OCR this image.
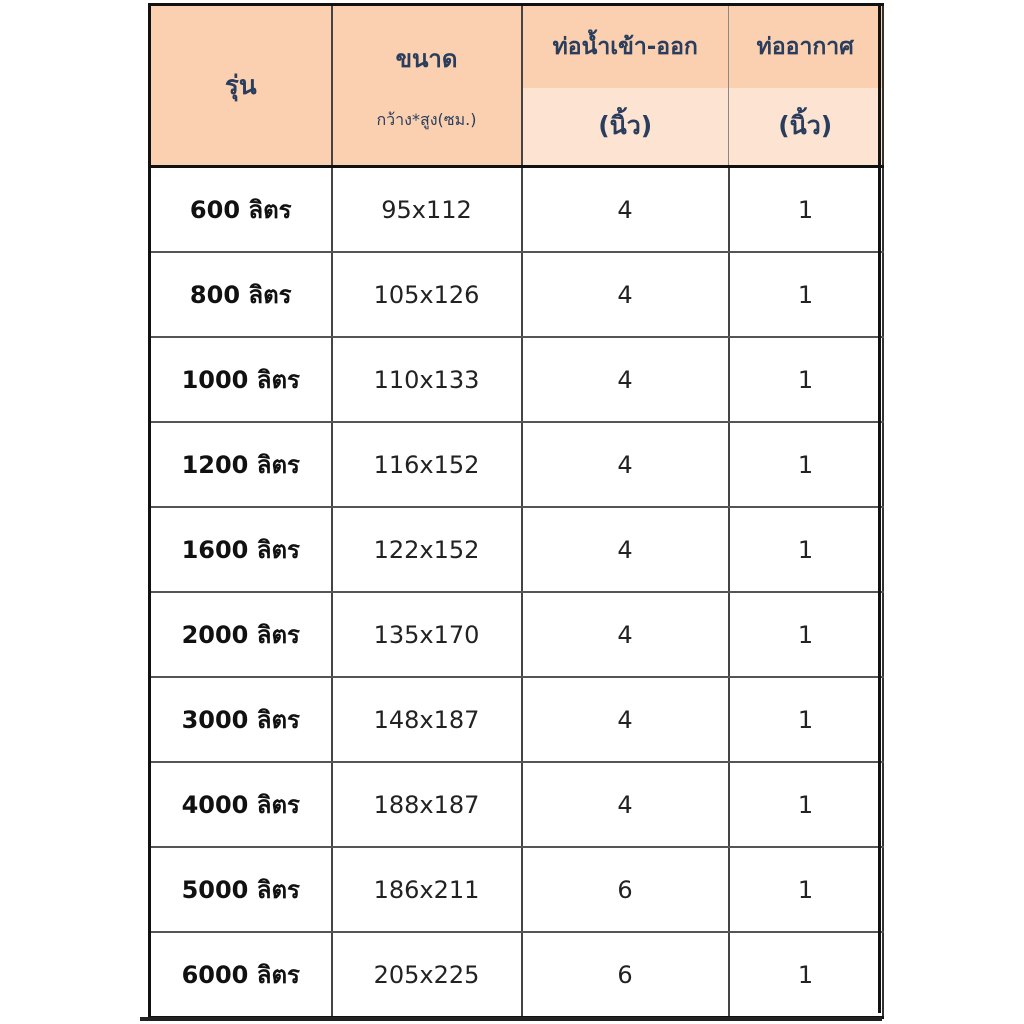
รุ่น	ขนาด	ท่อน้ำเข้า-ออก	ท่ออากาศ
	กว้าง*สูง(ซม.)	(นิ้ว)	(นิ้ว)
600 ลิตร	95x112	4	1
800 ลิตร	105x126	4	1
1000 ลิตร	110x133	4	1
1200 ลิตร	116x152	4	1
1600 ลิตร	122x152	4	1
2000 ลิตร	135x170	4	1
3000 ลิตร	148x187	4	1
4000 ลิตร	188x187	4	1
5000 ลิตร	186x211	6	1
6000 ลิตร	205x225	6	1
